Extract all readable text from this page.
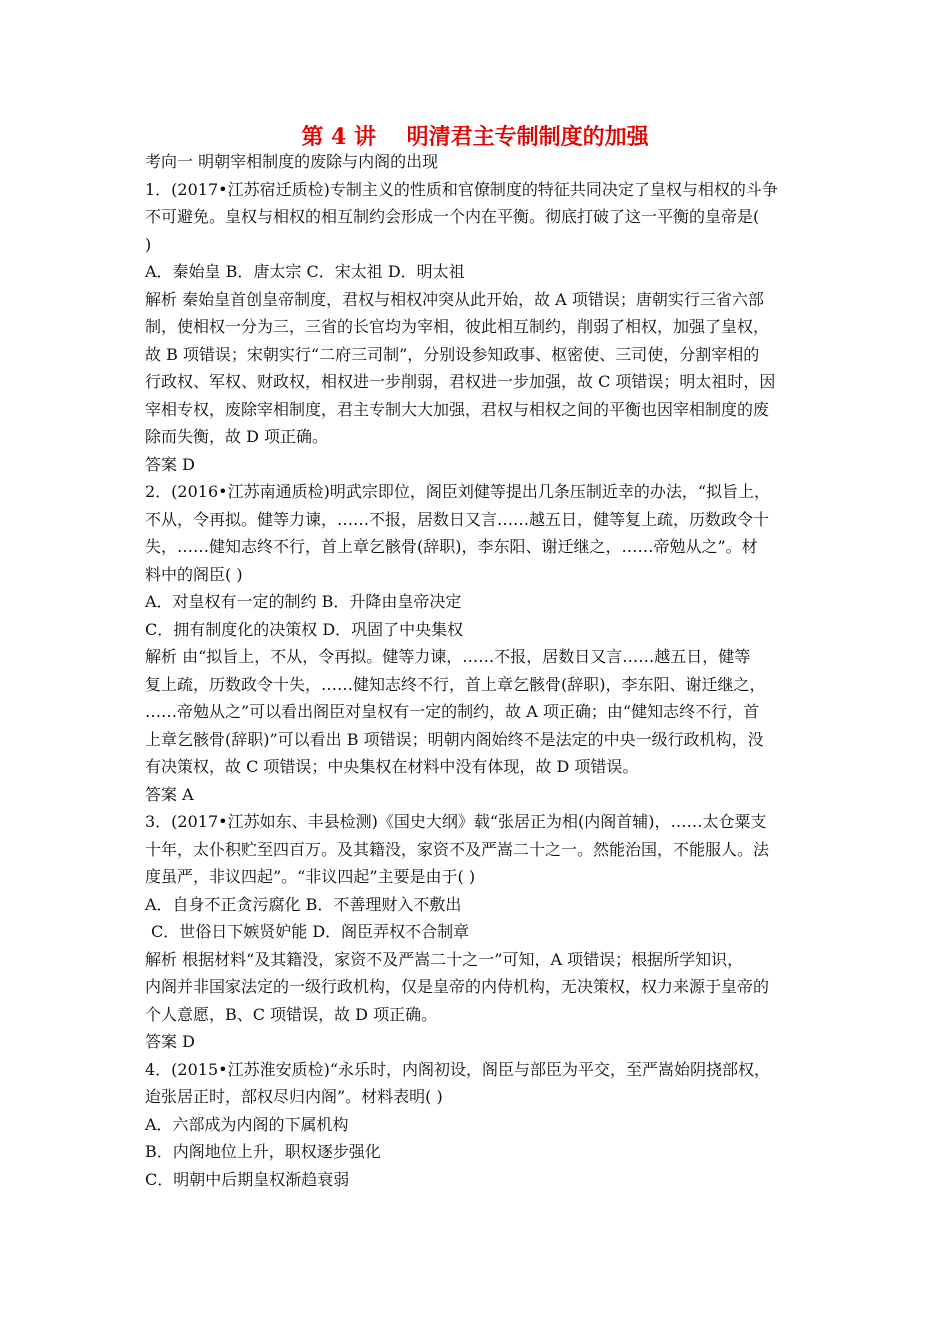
第 4 讲    明清君主专制制度的加强
考向一 明朝宰相制度的废除与内阁的出现
1．(2017•江苏宿迁质检)专制主义的性质和官僚制度的特征共同决定了皇权与相权的斗争
不可避免。皇权与相权的相互制约会形成一个内在平衡。彻底打破了这一平衡的皇帝是(
)
A．秦始皇 B．唐太宗 C．宋太祖 D．明太祖
解析 秦始皇首创皇帝制度，君权与相权冲突从此开始，故 A 项错误；唐朝实行三省六部
制，使相权一分为三，三省的长官均为宰相，彼此相互制约，削弱了相权，加强了皇权，
故 B 项错误；宋朝实行“二府三司制”，分别设参知政事、枢密使、三司使，分割宰相的
行政权、军权、财政权，相权进一步削弱，君权进一步加强，故 C 项错误；明太祖时，因
宰相专权，废除宰相制度，君主专制大大加强，君权与相权之间的平衡也因宰相制度的废
除而失衡，故 D 项正确。
答案 D
2．(2016•江苏南通质检)明武宗即位，阁臣刘健等提出几条压制近幸的办法，“拟旨上，
不从，令再拟。健等力谏，……不报，居数日又言……越五日，健等复上疏，历数政令十
失，……健知志终不行，首上章乞骸骨(辞职)，李东阳、谢迁继之，……帝勉从之”。材
料中的阁臣( )
A．对皇权有一定的制约 B．升降由皇帝决定
C．拥有制度化的决策权 D．巩固了中央集权
解析 由“拟旨上，不从，令再拟。健等力谏，……不报，居数日又言……越五日，健等
复上疏，历数政令十失，……健知志终不行，首上章乞骸骨(辞职)，李东阳、谢迁继之，
……帝勉从之”可以看出阁臣对皇权有一定的制约，故 A 项正确；由“健知志终不行，首
上章乞骸骨(辞职)”可以看出 B 项错误；明朝内阁始终不是法定的中央一级行政机构，没
有决策权，故 C 项错误；中央集权在材料中没有体现，故 D 项错误。
答案 A
3．(2017•江苏如东、丰县检测)《国史大纲》载“张居正为相(内阁首辅)，……太仓粟支
十年，太仆积贮至四百万。及其籍没，家资不及严嵩二十之一。然能治国，不能服人。法
度虽严，非议四起”。“非议四起”主要是由于( )
A．自身不正贪污腐化 B．不善理财入不敷出
C．世俗日下嫉贤妒能 D．阁臣弄权不合制章
解析 根据材料“及其籍没，家资不及严嵩二十之一”可知，A 项错误；根据所学知识，
内阁并非国家法定的一级行政机构，仅是皇帝的内侍机构，无决策权，权力来源于皇帝的
个人意愿，B、C 项错误，故 D 项正确。
答案 D
4．(2015•江苏淮安质检)“永乐时，内阁初设，阁臣与部臣为平交，至严嵩始阴挠部权，
迨张居正时，部权尽归内阁”。材料表明( )
A．六部成为内阁的下属机构
B．内阁地位上升，职权逐步强化
C．明朝中后期皇权渐趋衰弱
